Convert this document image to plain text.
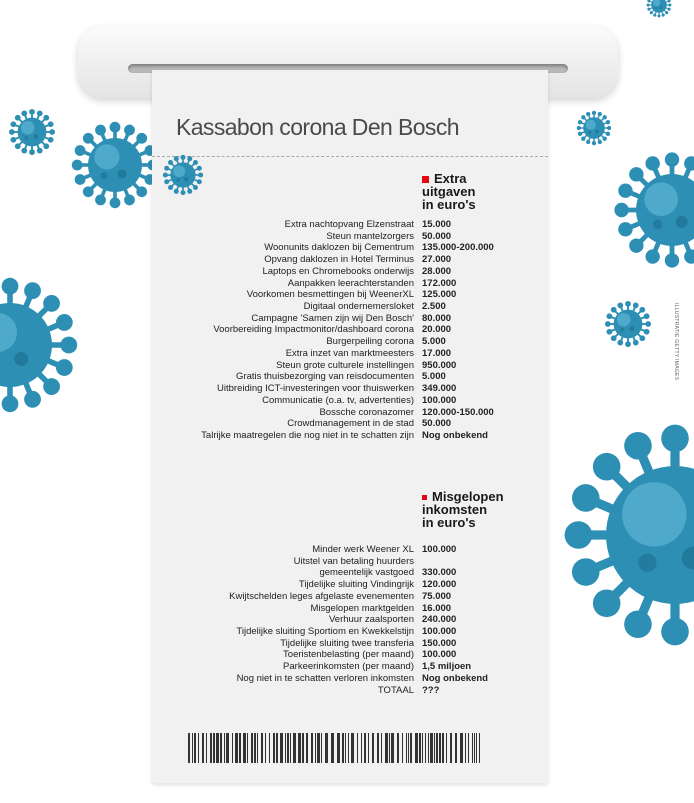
Kassabon corona Den Bosch
Extra
uitgaven
in euro's
Extra nachtopvang Elzenstraat 15.000
Steun mantelzorgers 50.000
Woonunits daklozen bij Cementrum 135.000-200.000
Opvang daklozen in Hotel Terminus 27.000
Laptops en Chromebooks onderwijs 28.000
Aanpakken leerachterstanden 172.000
Voorkomen besmettingen bij WeenerXL 125.000
Digitaal ondernemersloket 2.500
Campagne 'Samen zijn wij Den Bosch' 80.000
Voorbereiding Impactmonitor/dashboard corona 20.000
Burgerpeiling corona 5.000
Extra inzet van marktmeesters 17.000
Steun grote culturele instellingen 950.000
Gratis thuisbezorging van reisdocumenten 5.000
Uitbreiding ICT-investeringen voor thuiswerken 349.000
Communicatie (o.a. tv, advertenties) 100.000
Bossche coronazomer 120.000-150.000
Crowdmanagement in de stad 50.000
Talrijke maatregelen die nog niet in te schatten zijn Nog onbekend
Misgelopen
inkomsten
in euro's
Minder werk Weener XL 100.000
Uitstel van betaling huurders
gemeentelijk vastgoed 330.000
Tijdelijke sluiting Vindingrijk 120.000
Kwijtschelden leges afgelaste evenementen 75.000
Misgelopen marktgelden 16.000
Verhuur zaalsporten 240.000
Tijdelijke sluiting Sportiom en Kwekkelstijn 100.000
Tijdelijke sluiting twee transferia 150.000
Toeristenbelasting (per maand) 100.000
Parkeerinkomsten (per maand) 1,5 miljoen
Nog niet in te schatten verloren inkomsten Nog onbekend
TOTAAL ???
ILLUSTRATIE GETTY IMAGES
